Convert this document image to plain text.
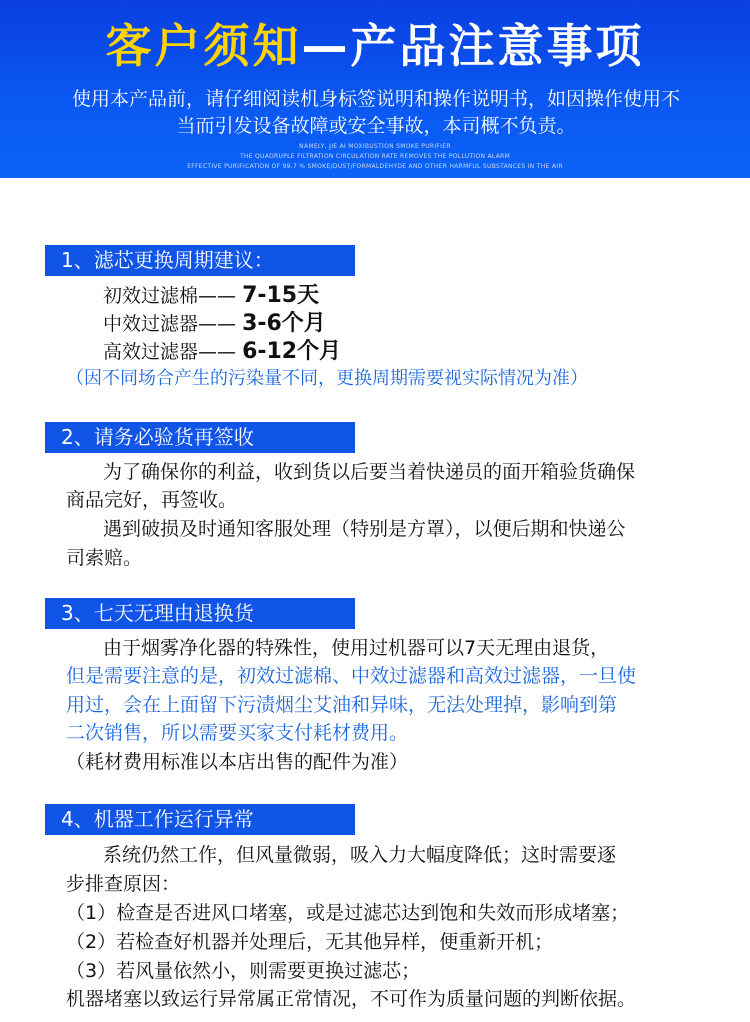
客户须知—产品注意事项
使用本产品前，请仔细阅读机身标签说明和操作说明书，如因操作使用不
当而引发设备故障或安全事故，本司概不负责。
NAMELY, JIE AI MOXIBUSTION SMOKE PURIFIER
THE QUADRUPLE FILTRATION CIRCULATION RATE REMOVES THE POLLUTION ALARM
EFFECTIVE PURIFICATION OF 99.7 % SMOKE/DUST/FORMALDEHYDE AND OTHER HARMFUL SUBSTANCES IN THE AIR
1、滤芯更换周期建议：
初效过滤棉—— 7-15天
中效过滤器—— 3-6个月
高效过滤器—— 6-12个月
（因不同场合产生的污染量不同，更换周期需要视实际情况为准）
2、请务必验货再签收
为了确保你的利益，收到货以后要当着快递员的面开箱验货确保
商品完好，再签收。
遇到破损及时通知客服处理（特别是方罩），以便后期和快递公
司索赔。
3、七天无理由退换货
由于烟雾净化器的特殊性，使用过机器可以7天无理由退货，
但是需要注意的是，初效过滤棉、中效过滤器和高效过滤器，一旦使
用过，会在上面留下污渍烟尘艾油和异味，无法处理掉，影响到第
二次销售，所以需要买家支付耗材费用。
（耗材费用标准以本店出售的配件为准）
4、机器工作运行异常
系统仍然工作，但风量微弱，吸入力大幅度降低；这时需要逐
步排查原因：
（1）检查是否进风口堵塞，或是过滤芯达到饱和失效而形成堵塞；
（2）若检查好机器并处理后，无其他异样，便重新开机；
（3）若风量依然小，则需要更换过滤芯；
机器堵塞以致运行异常属正常情况，不可作为质量问题的判断依据。
